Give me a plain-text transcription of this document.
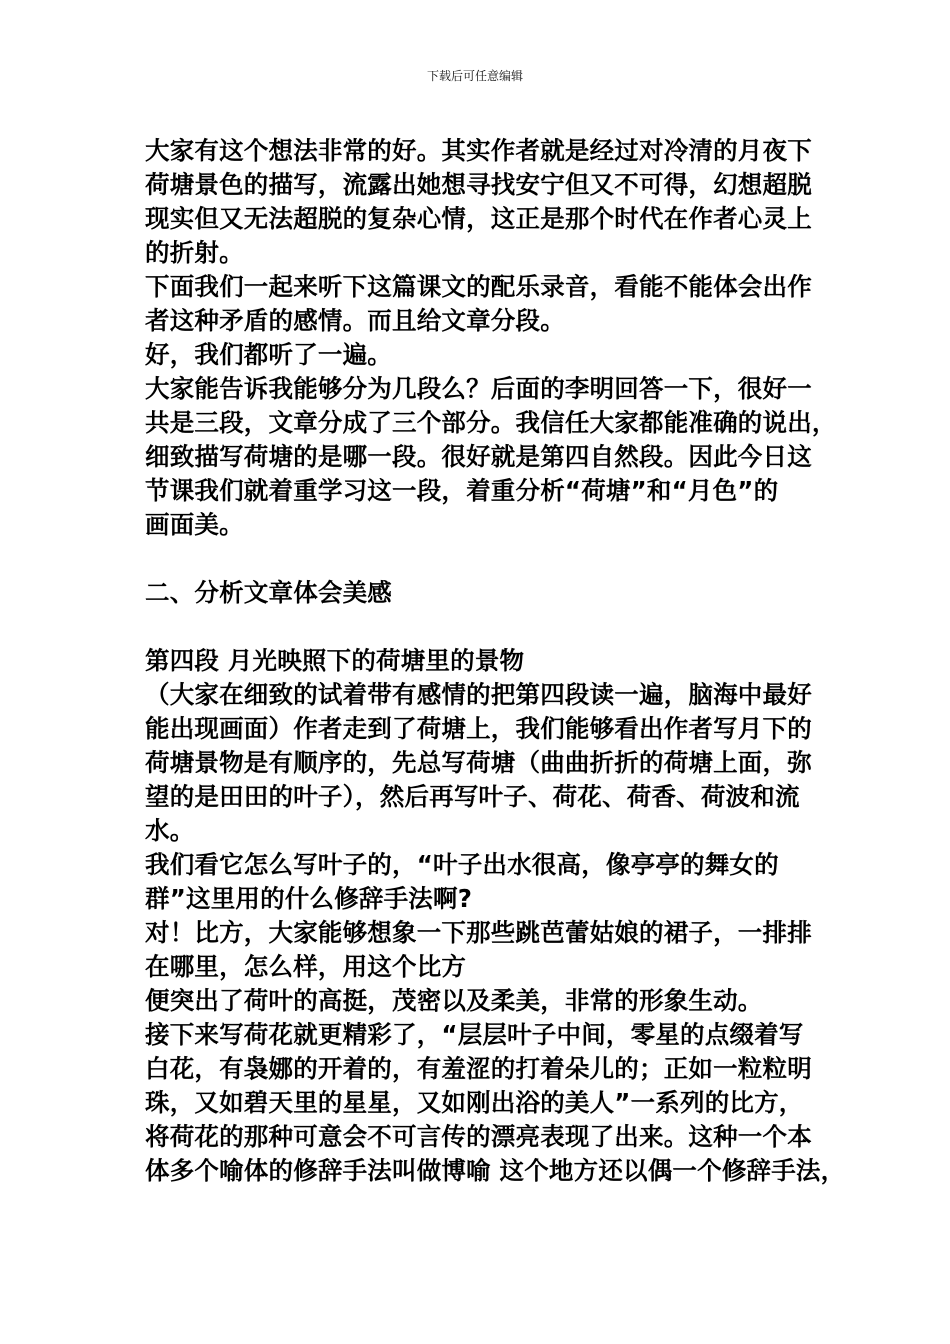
下载后可任意编辑
大家有这个想法非常的好。其实作者就是经过对冷清的月夜下
荷塘景色的描写，流露出她想寻找安宁但又不可得，幻想超脱
现实但又无法超脱的复杂心情，这正是那个时代在作者心灵上
的折射。
下面我们一起来听下这篇课文的配乐录音，看能不能体会出作
者这种矛盾的感情。而且给文章分段。
好，我们都听了一遍。
大家能告诉我能够分为几段么？后面的李明回答一下，很好一
共是三段，文章分成了三个部分。我信任大家都能准确的说出，
细致描写荷塘的是哪一段。很好就是第四自然段。因此今日这
节课我们就着重学习这一段，着重分析“荷塘”和“月色”的
画面美。
二、分析文章体会美感
第四段 月光映照下的荷塘里的景物
（大家在细致的试着带有感情的把第四段读一遍，脑海中最好
能出现画面）作者走到了荷塘上，我们能够看出作者写月下的
荷塘景物是有顺序的，先总写荷塘（曲曲折折的荷塘上面，弥
望的是田田的叶子），然后再写叶子、荷花、荷香、荷波和流
水。
我们看它怎么写叶子的，“叶子出水很高，像亭亭的舞女的
群”这里用的什么修辞手法啊?
对！比方，大家能够想象一下那些跳芭蕾姑娘的裙子，一排排
在哪里，怎么样，用这个比方
便突出了荷叶的高挺，茂密以及柔美，非常的形象生动。
接下来写荷花就更精彩了，“层层叶子中间，零星的点缀着写
白花，有袅娜的开着的，有羞涩的打着朵儿的；正如一粒粒明
珠，又如碧天里的星星，又如刚出浴的美人”一系列的比方，
将荷花的那种可意会不可言传的漂亮表现了出来。这种一个本
体多个喻体的修辞手法叫做博喻 这个地方还以偶一个修辞手法，
